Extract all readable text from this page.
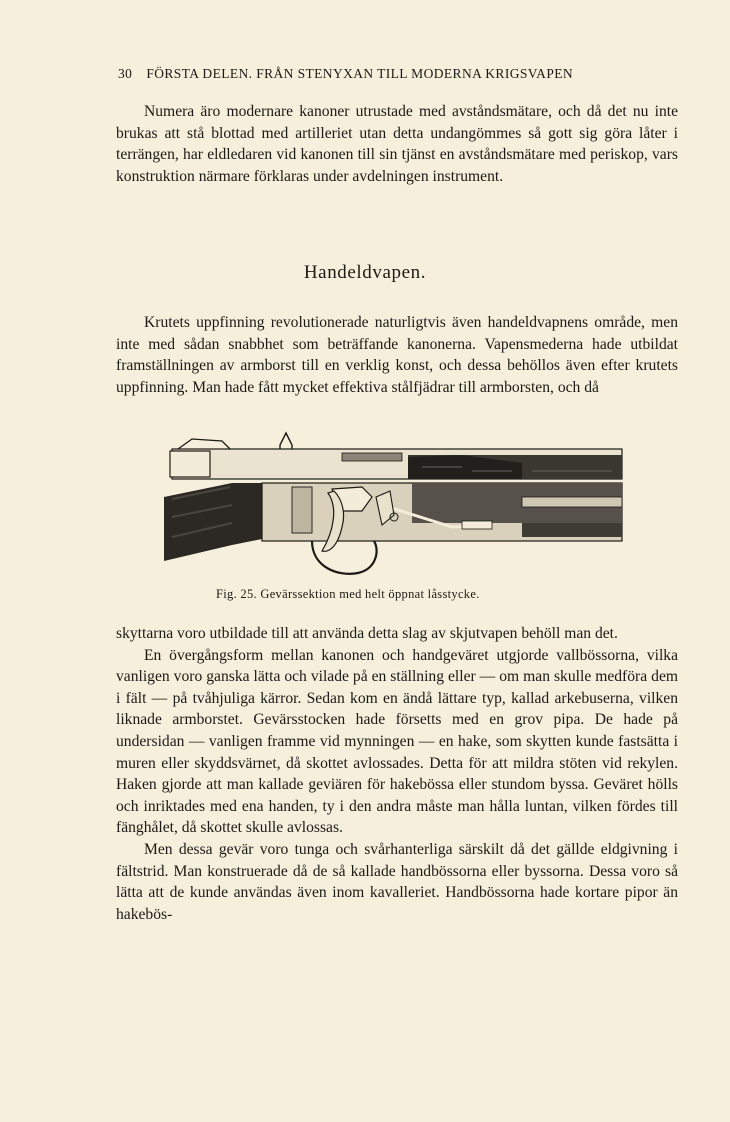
30 FÖRSTA DELEN. FRÅN STENYXAN TILL MODERNA KRIGSVAPEN

Numera äro modernare kanoner utrustade med avståndsmätare, och då det nu inte brukas att stå blottad med artilleriet utan detta undangömmes så gott sig göra låter i terrängen, har eldledaren vid kanonen till sin tjänst en avståndsmätare med periskop, vars konstruktion närmare förklaras under avdelningen instrument.

Handeldvapen.

Krutets uppfinning revolutionerade naturligtvis även handeldvapnens område, men inte med sådan snabbhet som beträffande kanonerna. Vapensmederna hade utbildat framställningen av armborst till en verklig konst, och dessa behöllos även efter krutets uppfinning. Man hade fått mycket effektiva stålfjädrar till armborsten, och då

Fig. 25. Gevärssektion med helt öppnat låsstycke.

skyttarna voro utbildade till att använda detta slag av skjutvapen behöll man det.

En övergångsform mellan kanonen och handgeväret utgjorde vallbössorna, vilka vanligen voro ganska lätta och vilade på en ställning eller — om man skulle medföra dem i fält — på tvåhjuliga kärror. Sedan kom en ändå lättare typ, kallad arkebuserna, vilken liknade armborstet. Gevärsstocken hade försetts med en grov pipa. De hade på undersidan — vanligen framme vid mynningen — en hake, som skytten kunde fastsätta i muren eller skyddsvärnet, då skottet avlossades. Detta för att mildra stöten vid rekylen. Haken gjorde att man kallade geviären för hakebössa eller stundom byssa. Geväret hölls och inriktades med ena handen, ty i den andra måste man hålla luntan, vilken fördes till fänghålet, då skottet skulle avlossas.

Men dessa gevär voro tunga och svårhanterliga särskilt då det gällde eldgivning i fältstrid. Man konstruerade då de så kallade handbössorna eller byssorna. Dessa voro så lätta att de kunde användas även inom kavalleriet. Handbössorna hade kortare pipor än hakebös-
